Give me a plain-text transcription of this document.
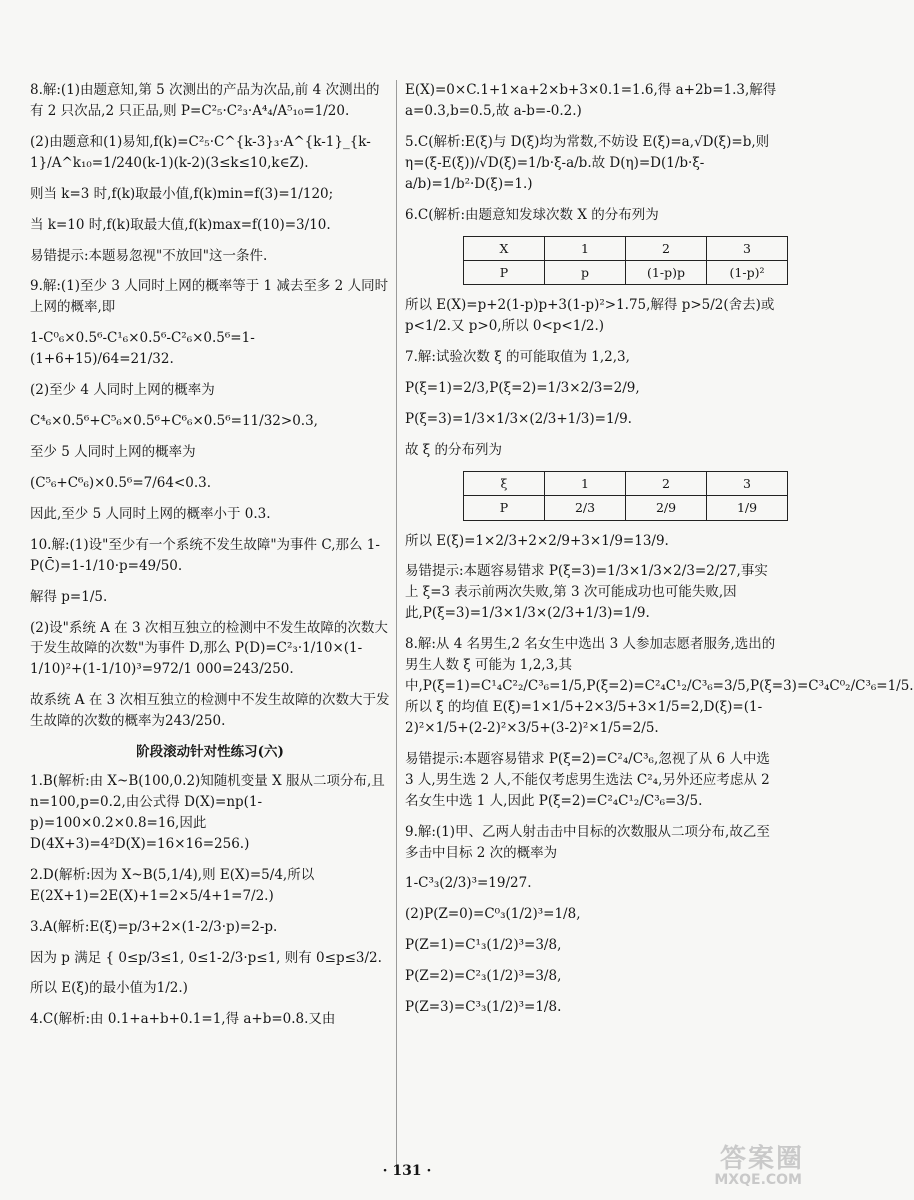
8.解:(1)由题意知,第 5 次测出的产品为次品,前 4 次测出的有 2 只次品,2 只正品,则 P=C²₅·C²₃·A⁴₄/A⁵₁₀=1/20.

(2)由题意和(1)易知,f(k)=C²₅·C^{k-3}₃·A^{k-1}_{k-1}/A^k₁₀=1/240(k-1)(k-2)(3≤k≤10,k∈Z).

则当 k=3 时,f(k)取最小值,f(k)min=f(3)=1/120;

当 k=10 时,f(k)取最大值,f(k)max=f(10)=3/10.

易错提示:本题易忽视"不放回"这一条件.

9.解:(1)至少 3 人同时上网的概率等于 1 减去至多 2 人同时上网的概率,即

1-C⁰₆×0.5⁶-C¹₆×0.5⁶-C²₆×0.5⁶=1-(1+6+15)/64=21/32.

(2)至少 4 人同时上网的概率为

C⁴₆×0.5⁶+C⁵₆×0.5⁶+C⁶₆×0.5⁶=11/32>0.3,

至少 5 人同时上网的概率为

(C⁵₆+C⁶₆)×0.5⁶=7/64<0.3.

因此,至少 5 人同时上网的概率小于 0.3.

10.解:(1)设"至少有一个系统不发生故障"为事件 C,那么 1-P(C̄)=1-1/10·p=49/50.

解得 p=1/5.

(2)设"系统 A 在 3 次相互独立的检测中不发生故障的次数大于发生故障的次数"为事件 D,那么 P(D)=C²₃·1/10×(1-1/10)²+(1-1/10)³=972/1 000=243/250.

故系统 A 在 3 次相互独立的检测中不发生故障的次数大于发生故障的次数的概率为243/250.

阶段滚动针对性练习(六)

1.B(解析:由 X~B(100,0.2)知随机变量 X 服从二项分布,且 n=100,p=0.2,由公式得 D(X)=np(1-p)=100×0.2×0.8=16,因此 D(4X+3)=4²D(X)=16×16=256.)

2.D(解析:因为 X~B(5,1/4),则 E(X)=5/4,所以 E(2X+1)=2E(X)+1=2×5/4+1=7/2.)

3.A(解析:E(ξ)=p/3+2×(1-2/3·p)=2-p.

因为 p 满足 { 0≤p/3≤1, 0≤1-2/3·p≤1, 则有 0≤p≤3/2.

所以 E(ξ)的最小值为1/2.)

4.C(解析:由 0.1+a+b+0.1=1,得 a+b=0.8.又由

E(X)=0×C.1+1×a+2×b+3×0.1=1.6,得 a+2b=1.3,解得 a=0.3,b=0.5,故 a-b=-0.2.)

5.C(解析:E(ξ)与 D(ξ)均为常数,不妨设 E(ξ)=a,√D(ξ)=b,则 η=(ξ-E(ξ))/√D(ξ)=1/b·ξ-a/b.故 D(η)=D(1/b·ξ-a/b)=1/b²·D(ξ)=1.)

6.C(解析:由题意知发球次数 X 的分布列为

X	1	2	3
P	p	(1-p)p	(1-p)²

所以 E(X)=p+2(1-p)p+3(1-p)²>1.75,解得 p>5/2(舍去)或 p<1/2.又 p>0,所以 0<p<1/2.)

7.解:试验次数 ξ 的可能取值为 1,2,3,

P(ξ=1)=2/3,P(ξ=2)=1/3×2/3=2/9,

P(ξ=3)=1/3×1/3×(2/3+1/3)=1/9.

故 ξ 的分布列为

ξ	1	2	3
P	2/3	2/9	1/9

所以 E(ξ)=1×2/3+2×2/9+3×1/9=13/9.

易错提示:本题容易错求 P(ξ=3)=1/3×1/3×2/3=2/27,事实上 ξ=3 表示前两次失败,第 3 次可能成功也可能失败,因此,P(ξ=3)=1/3×1/3×(2/3+1/3)=1/9.

8.解:从 4 名男生,2 名女生中选出 3 人参加志愿者服务,选出的男生人数 ξ 可能为 1,2,3,其中,P(ξ=1)=C¹₄C²₂/C³₆=1/5,P(ξ=2)=C²₄C¹₂/C³₆=3/5,P(ξ=3)=C³₄C⁰₂/C³₆=1/5.所以 ξ 的均值 E(ξ)=1×1/5+2×3/5+3×1/5=2,D(ξ)=(1-2)²×1/5+(2-2)²×3/5+(3-2)²×1/5=2/5.

易错提示:本题容易错求 P(ξ=2)=C²₄/C³₆,忽视了从 6 人中选 3 人,男生选 2 人,不能仅考虑男生选法 C²₄,另外还应考虑从 2 名女生中选 1 人,因此 P(ξ=2)=C²₄C¹₂/C³₆=3/5.

9.解:(1)甲、乙两人射击击中目标的次数服从二项分布,故乙至多击中目标 2 次的概率为

1-C³₃(2/3)³=19/27.

(2)P(Z=0)=C⁰₃(1/2)³=1/8,

P(Z=1)=C¹₃(1/2)³=3/8,

P(Z=2)=C²₃(1/2)³=3/8,

P(Z=3)=C³₃(1/2)³=1/8.

· 131 ·	答案圈
MXQE.COM
